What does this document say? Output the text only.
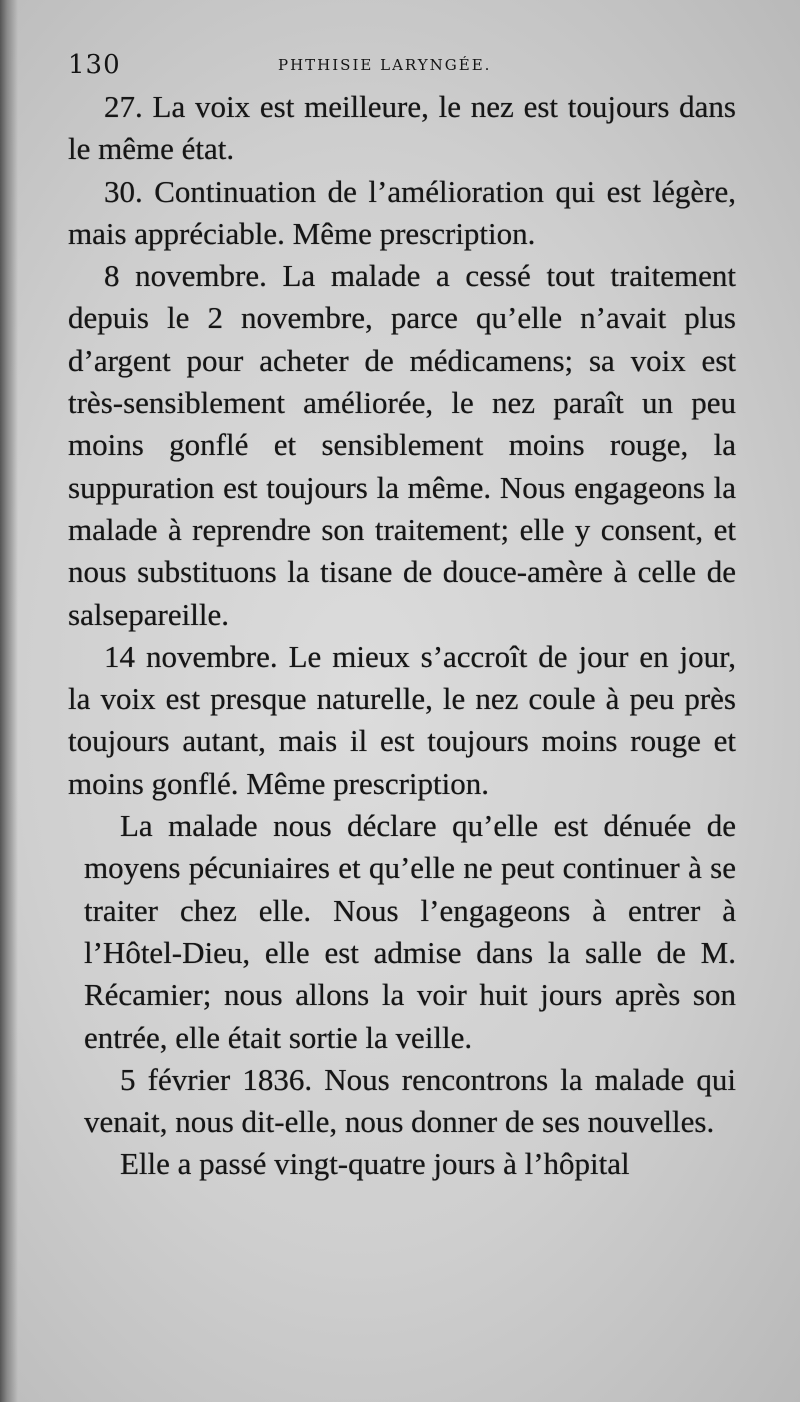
130	PHTHISIE LARYNGÉE.

27. La voix est meilleure, le nez est toujours dans le même état.

30. Continuation de l’amélioration qui est légère, mais appréciable. Même prescription.

8 novembre. La malade a cessé tout traitement depuis le 2 novembre, parce qu’elle n’avait plus d’argent pour acheter de médicamens; sa voix est très-sensiblement améliorée, le nez paraît un peu moins gonflé et sensiblement moins rouge, la suppuration est toujours la même. Nous engageons la malade à reprendre son traitement; elle y consent, et nous substituons la tisane de douce-amère à celle de salsepareille.

14 novembre. Le mieux s’accroît de jour en jour, la voix est presque naturelle, le nez coule à peu près toujours autant, mais il est toujours moins rouge et moins gonflé. Même prescription.

La malade nous déclare qu’elle est dénuée de moyens pécuniaires et qu’elle ne peut continuer à se traiter chez elle. Nous l’engageons à entrer à l’Hôtel-Dieu, elle est admise dans la salle de M. Récamier; nous allons la voir huit jours après son entrée, elle était sortie la veille.

5 février 1836. Nous rencontrons la malade qui venait, nous dit-elle, nous donner de ses nouvelles.

Elle a passé vingt-quatre jours à l’hôpital
